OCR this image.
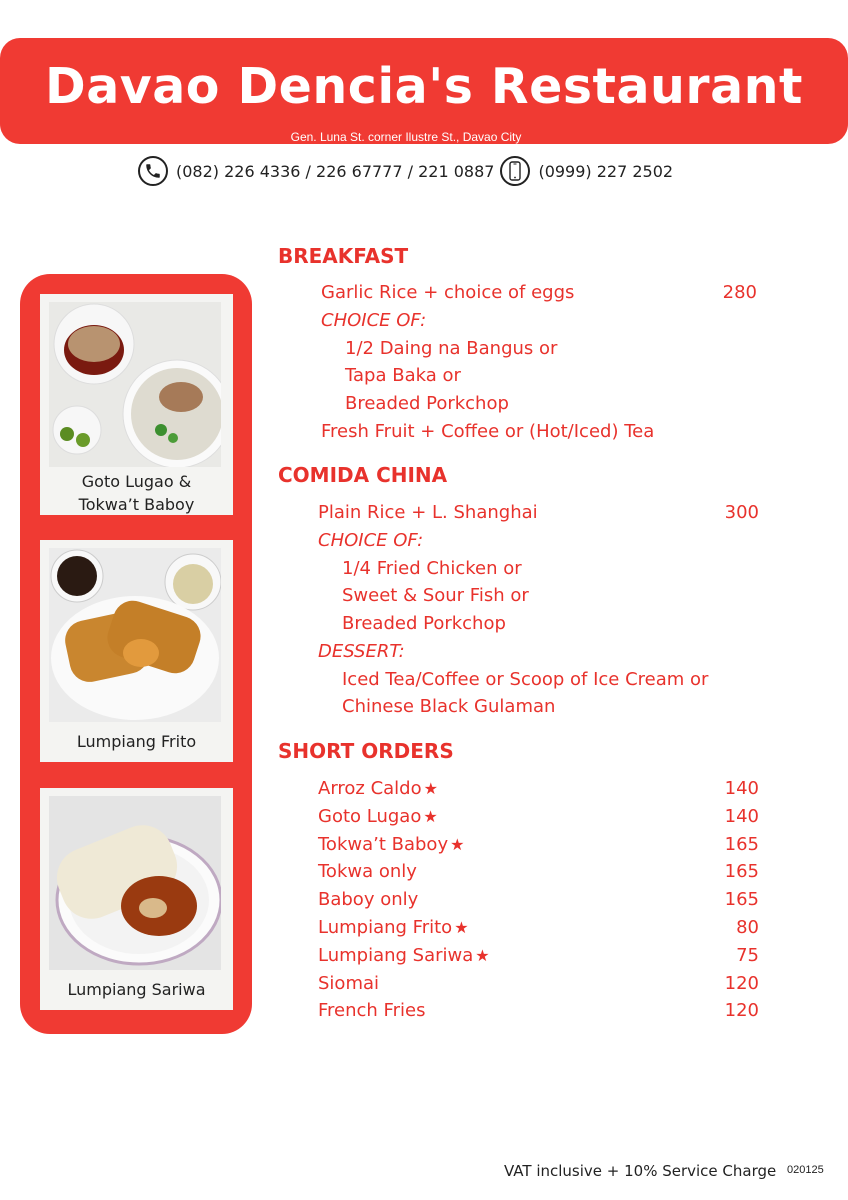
Davao Dencia's Restaurant
Gen. Luna St. corner Ilustre St., Davao City
(082) 226 4336 / 226 67777 / 221 0887	(0999) 227 2502
Goto Lugao &
Tokwa’t Baboy
Lumpiang Frito
Lumpiang Sariwa
BREAKFAST
Garlic Rice + choice of eggs	280
CHOICE OF:
1/2 Daing na Bangus or
Tapa Baka or
Breaded Porkchop
Fresh Fruit + Coffee or (Hot/Iced) Tea
COMIDA CHINA
Plain Rice + L. Shanghai	300
CHOICE OF:
1/4 Fried Chicken or
Sweet & Sour Fish or
Breaded Porkchop
DESSERT:
Iced Tea/Coffee or Scoop of Ice Cream or
Chinese Black Gulaman
SHORT ORDERS
Arroz Caldo ★	140
Goto Lugao ★	140
Tokwa’t Baboy ★	165
Tokwa only	165
Baboy only	165
Lumpiang Frito ★	80
Lumpiang Sariwa ★	75
Siomai	120
French Fries	120
VAT inclusive + 10% Service Charge 020125
